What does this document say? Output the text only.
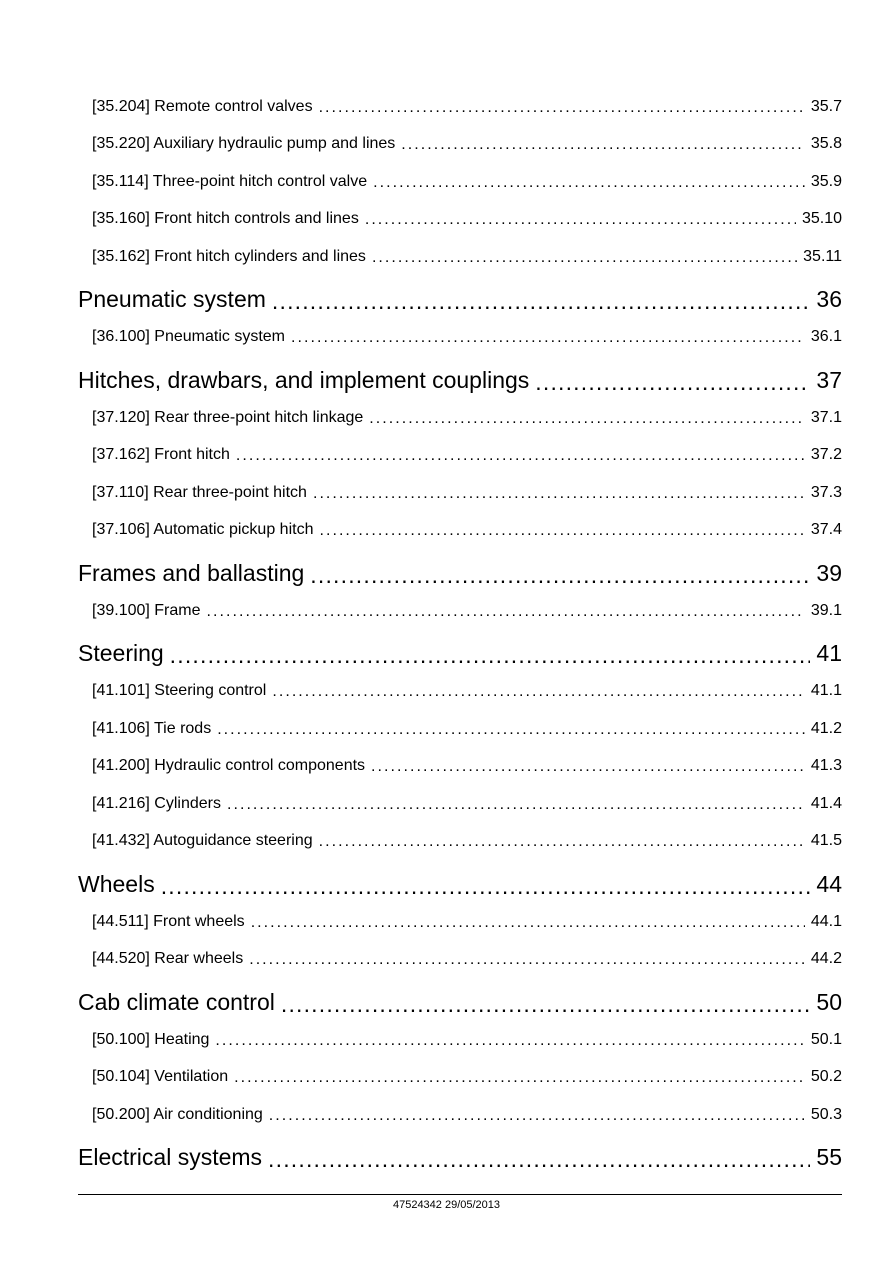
[35.204] Remote control valves . . .	35.7
[35.220] Auxiliary hydraulic pump and lines . . .	35.8
[35.114] Three-point hitch control valve . . .	35.9
[35.160] Front hitch controls and lines . . .	35.10
[35.162] Front hitch cylinders and lines . . .	35.11
Pneumatic system . . .	36
[36.100] Pneumatic system . . .	36.1
Hitches, drawbars, and implement couplings . . .	37
[37.120] Rear three-point hitch linkage . . .	37.1
[37.162] Front hitch . . .	37.2
[37.110] Rear three-point hitch . . .	37.3
[37.106] Automatic pickup hitch . . .	37.4
Frames and ballasting . . .	39
[39.100] Frame . . .	39.1
Steering . . .	41
[41.101] Steering control . . .	41.1
[41.106] Tie rods . . .	41.2
[41.200] Hydraulic control components . . .	41.3
[41.216] Cylinders . . .	41.4
[41.432] Autoguidance steering . . .	41.5
Wheels . . .	44
[44.511] Front wheels . . .	44.1
[44.520] Rear wheels . . .	44.2
Cab climate control . . .	50
[50.100] Heating . . .	50.1
[50.104] Ventilation . . .	50.2
[50.200] Air conditioning . . .	50.3
Electrical systems . . .	55
47524342 29/05/2013
